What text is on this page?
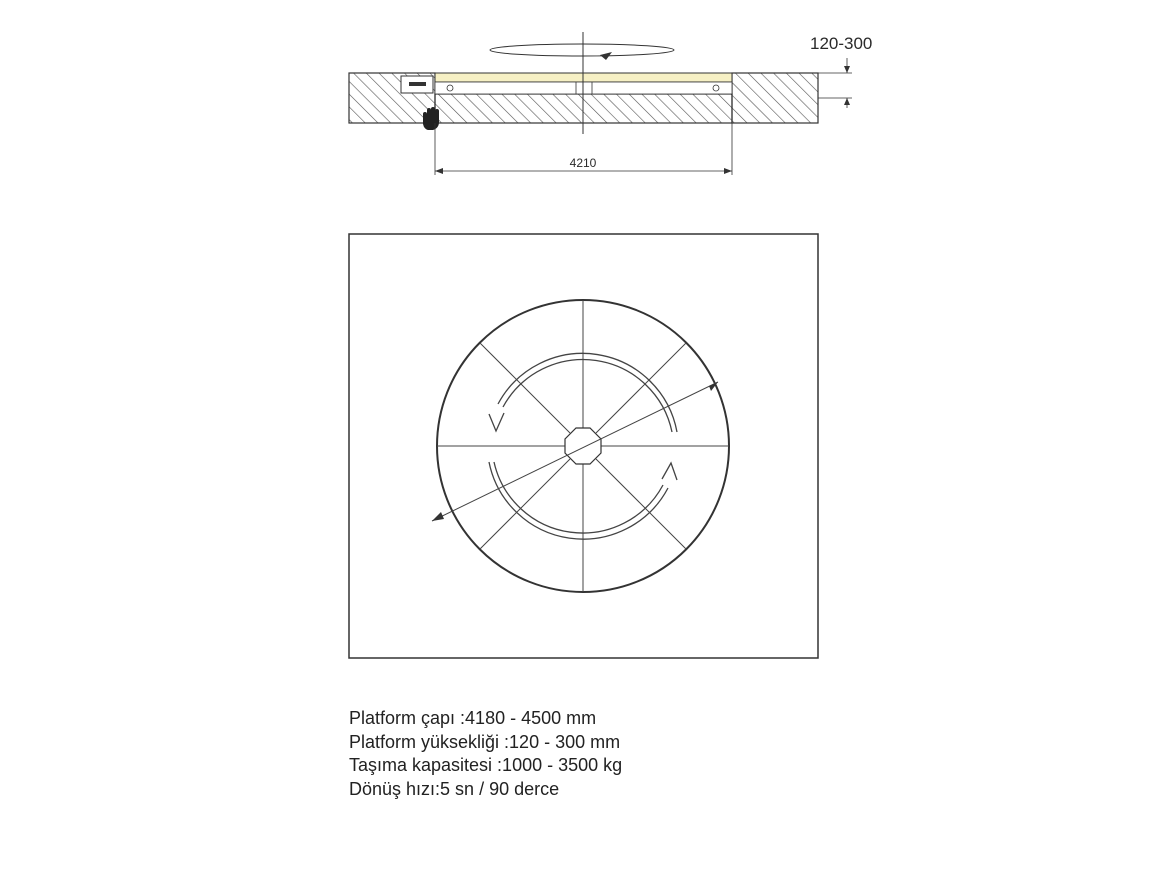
120-300
4210
Platform çapı :4180 - 4500 mm
Platform yüksekliği :120 - 300 mm
Taşıma kapasitesi :1000 - 3500 kg
Dönüş hızı:5 sn / 90 derce
